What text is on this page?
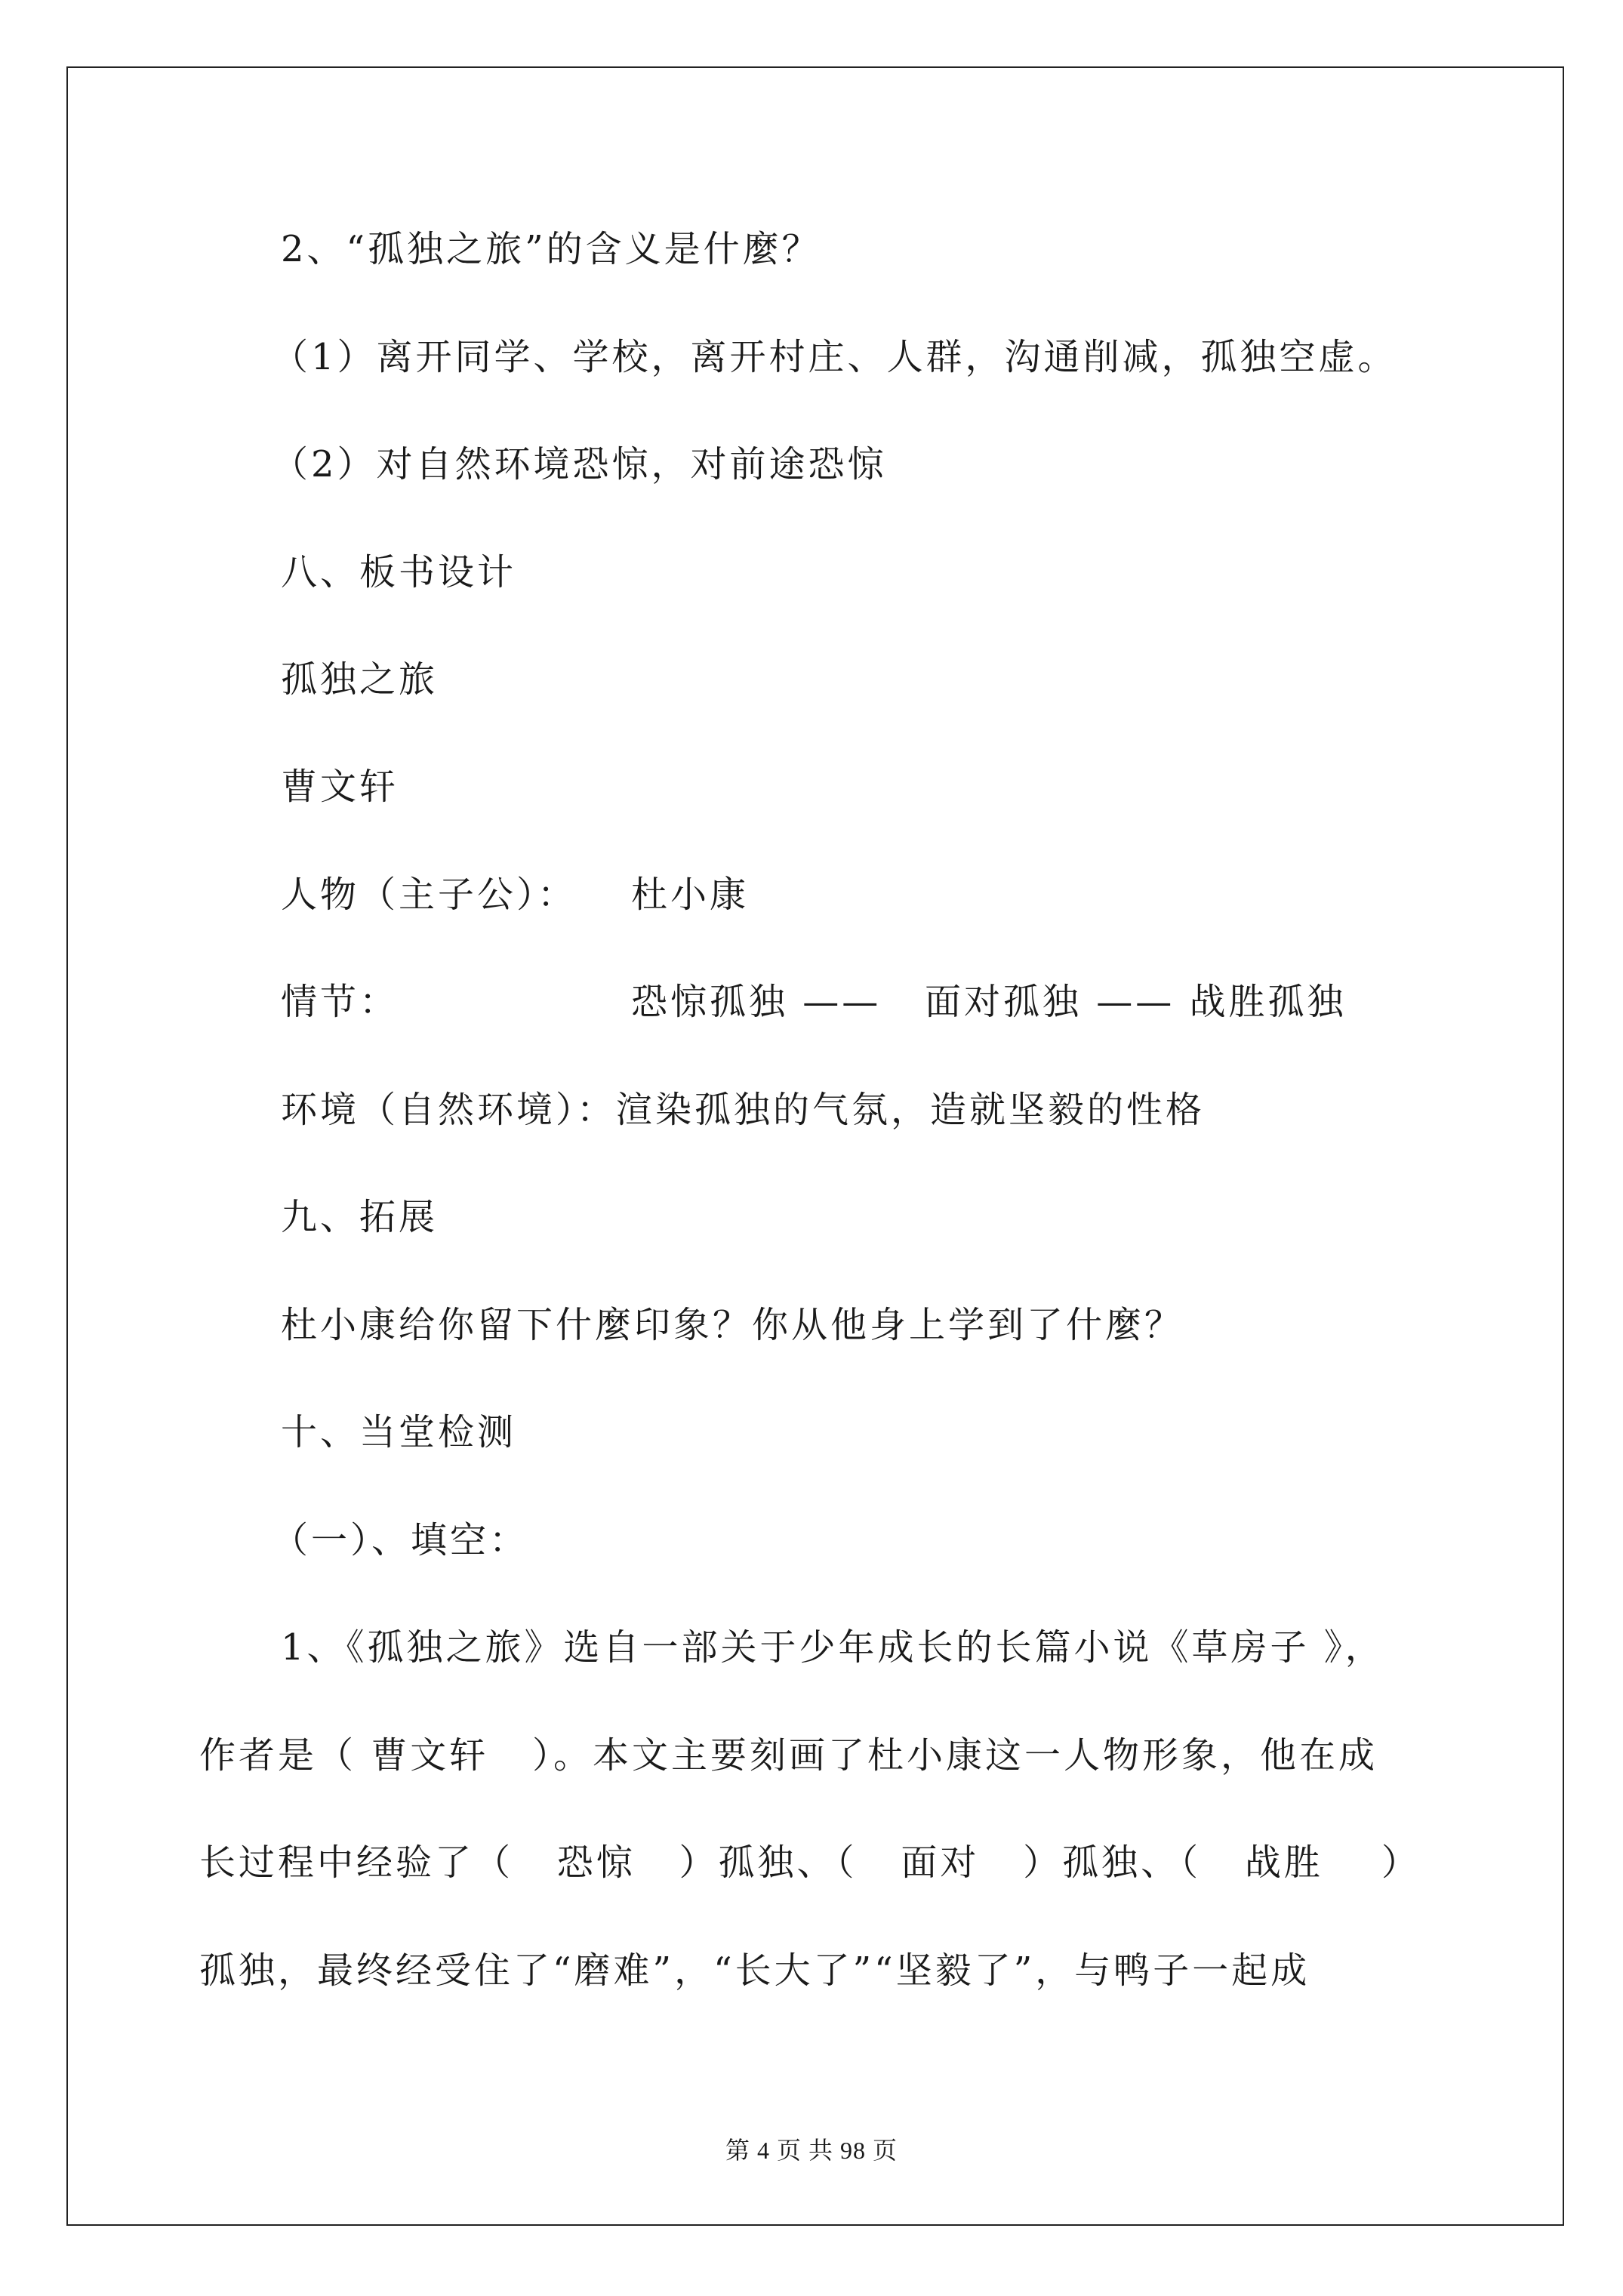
2、“孤独之旅”的含义是什麼？
（1）离开同学、学校，离开村庄、人群，沟通削减，孤独空虚。
（2）对自然环境恐惊，对前途恐惊
八、板书设计
孤独之旅
曹文轩
人物（主子公）： 杜小康
情节：	恐惊孤独 ——   面对孤独 —— 战胜孤独
环境（自然环境）：渲染孤独的气氛，造就坚毅的性格
九、拓展
杜小康给你留下什麼印象？你从他身上学到了什麼？
十、当堂检测
（一）、填空：
1、《孤独之旅》选自一部关于少年成长的长篇小说《草房子 》，
作者是（ 曹文轩   ）。本文主要刻画了杜小康这一人物形象，他在成
长过程中经验了（   恐惊   ）孤独、（   面对   ）孤独、（   战胜    ）
孤独，最终经受住了“磨难”，“长大了”“坚毅了”，与鸭子一起成
第 4 页 共 98 页
